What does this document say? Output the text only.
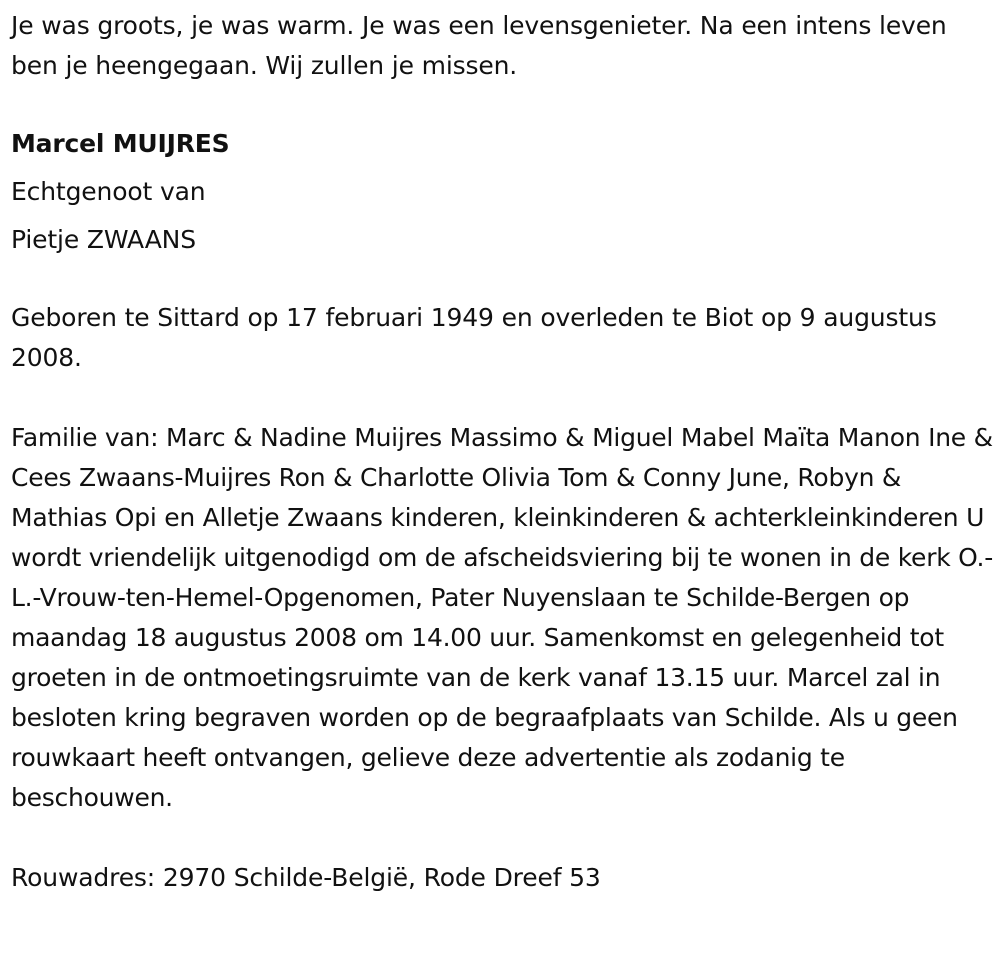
Je was groots, je was warm. Je was een levensgenieter. Na een intens leven ben je heengegaan. Wij zullen je missen.

Marcel MUIJRES
Echtgenoot van
Pietje ZWAANS

Geboren te Sittard op 17 februari 1949 en overleden te Biot op 9 augustus 2008.

Familie van: Marc & Nadine Muijres Massimo & Miguel Mabel Maïta Manon Ine & Cees Zwaans-Muijres Ron & Charlotte Olivia Tom & Conny June, Robyn & Mathias Opi en Alletje Zwaans kinderen, kleinkinderen & achterkleinkinderen U wordt vriendelijk uitgenodigd om de afscheidsviering bij te wonen in de kerk O.-L.-Vrouw-ten-Hemel-Opgenomen, Pater Nuyenslaan te Schilde-Bergen op maandag 18 augustus 2008 om 14.00 uur. Samenkomst en gelegenheid tot groeten in de ontmoetingsruimte van de kerk vanaf 13.15 uur. Marcel zal in besloten kring begraven worden op de begraafplaats van Schilde. Als u geen rouwkaart heeft ontvangen, gelieve deze advertentie als zodanig te beschouwen.

Rouwadres: 2970 Schilde-België, Rode Dreef 53
